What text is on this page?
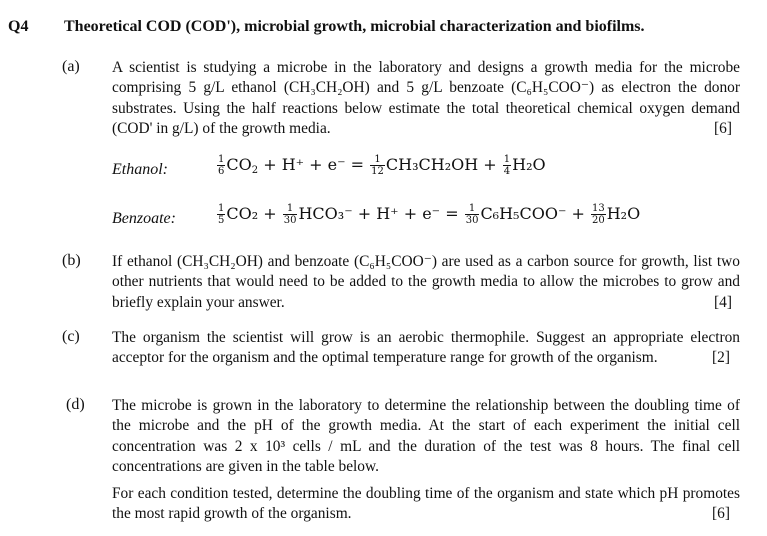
Q4 Theoretical COD (COD'), microbial growth, microbial characterization and biofilms.
(a) A scientist is studying a microbe in the laboratory and designs a growth media for the microbe comprising 5 g/L ethanol (CH₃CH₂OH) and 5 g/L benzoate (C₆H₅COO⁻) as electron the donor substrates. Using the half reactions below estimate the total theoretical chemical oxygen demand (COD' in g/L) of the growth media.	[6]
Ethanol:	$\frac{1}{6} CO_2 + H^+ + e^- = \frac{1}{12} CH_3CH_2OH + \frac{1}{4} H_2O$
Benzoate:	$\frac{1}{5} CO_2 + \frac{1}{30} HCO_3^- + H^+ + e^- = \frac{1}{30} C_6H_5COO^- + \frac{13}{20} H_2O$
(b) If ethanol (CH₃CH₂OH) and benzoate (C₆H₅COO⁻) are used as a carbon source for growth, list two other nutrients that would need to be added to the growth media to allow the microbes to grow and briefly explain your answer.	[4]
(c) The organism the scientist will grow is an aerobic thermophile. Suggest an appropriate electron acceptor for the organism and the optimal temperature range for growth of the organism.	[2]
(d) The microbe is grown in the laboratory to determine the relationship between the doubling time of the microbe and the pH of the growth media. At the start of each experiment the initial cell concentration was 2 x 10³ cells / mL and the duration of the test was 8 hours. The final cell concentrations are given in the table below.
For each condition tested, determine the doubling time of the organism and state which pH promotes the most rapid growth of the organism.	[6]
